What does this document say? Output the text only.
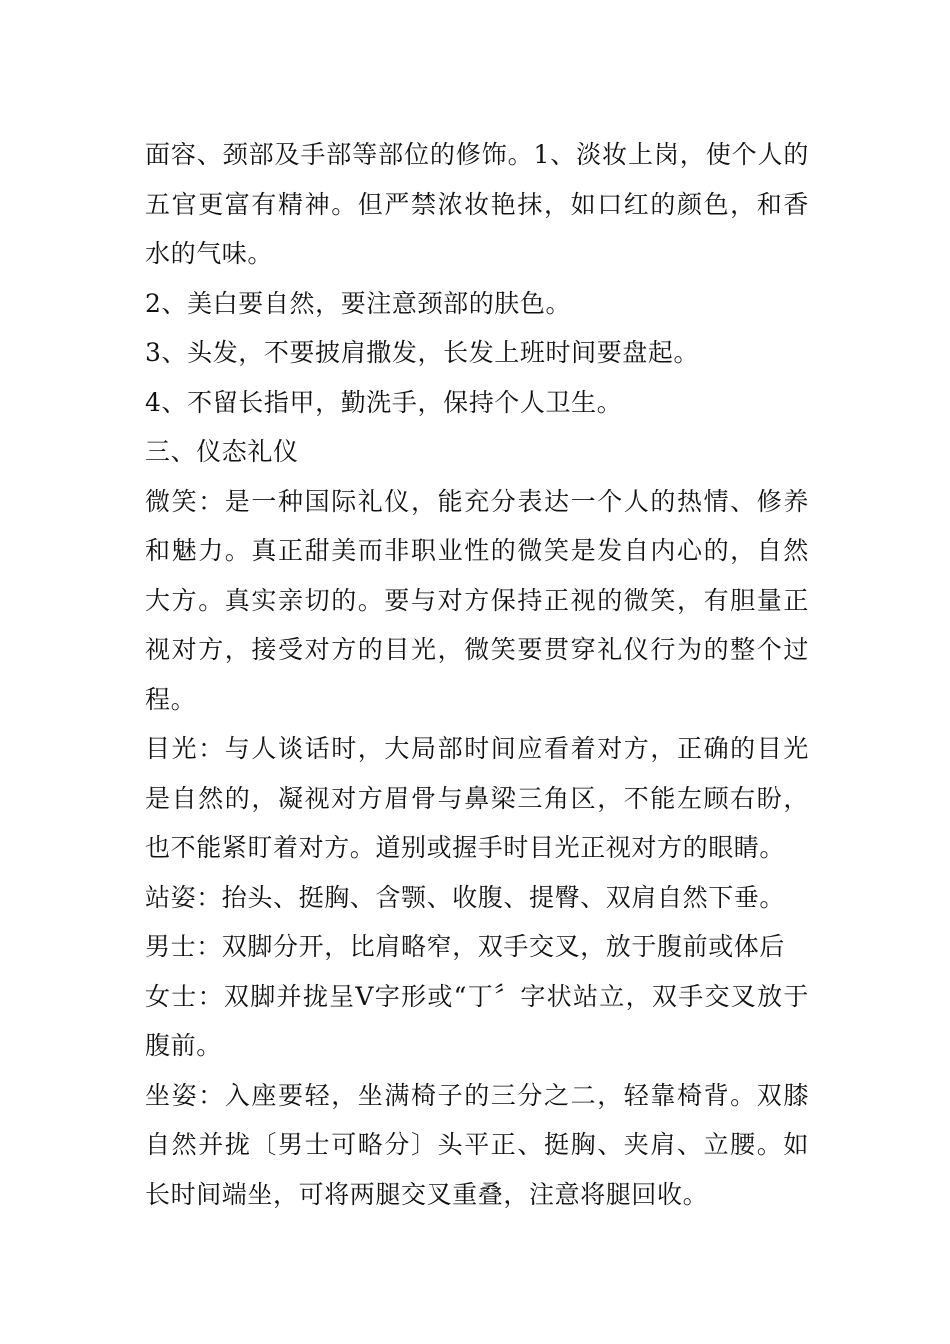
面容、颈部及手部等部位的修饰。1、淡妆上岗，使个人的五官更富有精神。但严禁浓妆艳抹，如口红的颜色，和香水的气味。

2、美白要自然，要注意颈部的肤色。

3、头发，不要披肩撒发，长发上班时间要盘起。

4、不留长指甲，勤洗手，保持个人卫生。

三、仪态礼仪

微笑：是一种国际礼仪，能充分表达一个人的热情、修养和魅力。真正甜美而非职业性的微笑是发自内心的，自然大方。真实亲切的。要与对方保持正视的微笑，有胆量正视对方，接受对方的目光，微笑要贯穿礼仪行为的整个过程。

目光：与人谈话时，大局部时间应看着对方，正确的目光是自然的，凝视对方眉骨与鼻梁三角区，不能左顾右盼，也不能紧盯着对方。道别或握手时目光正视对方的眼睛。

站姿：抬头、挺胸、含颚、收腹、提臀、双肩自然下垂。

男士：双脚分开，比肩略窄，双手交叉，放于腹前或体后

女士：双脚并拢呈V字形或“丁〞字状站立，双手交叉放于腹前。

坐姿：入座要轻，坐满椅子的三分之二，轻靠椅背。双膝自然并拢〔男士可略分〕头平正、挺胸、夹肩、立腰。如长时间端坐，可将两腿交叉重叠，注意将腿回收。
